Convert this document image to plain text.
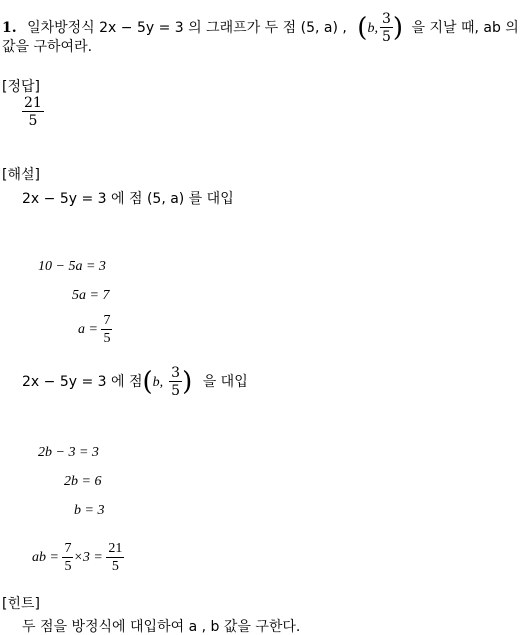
1. 일차방정식 2x − 5y = 3 의 그래프가 두 점 (5, a) , (b, $\frac{3}{5}$ ) 을 지날 때, ab 의
값을 구하여라.
[정답]
$\frac{21}{5}$
[해설]
2x − 5y = 3 에 점 (5, a) 를 대입
10 − 5a = 3
5a = 7
$a = \frac{7}{5}$
2x − 5y = 3 에 점(b, $\frac{3}{5}$ ) 을 대입
2b − 3 = 3
2b = 6
b = 3
ab = $\frac{7}{5} \times 3 = \frac{21}{5}$
[힌트]
두 점을 방정식에 대입하여 a , b 값을 구한다.
